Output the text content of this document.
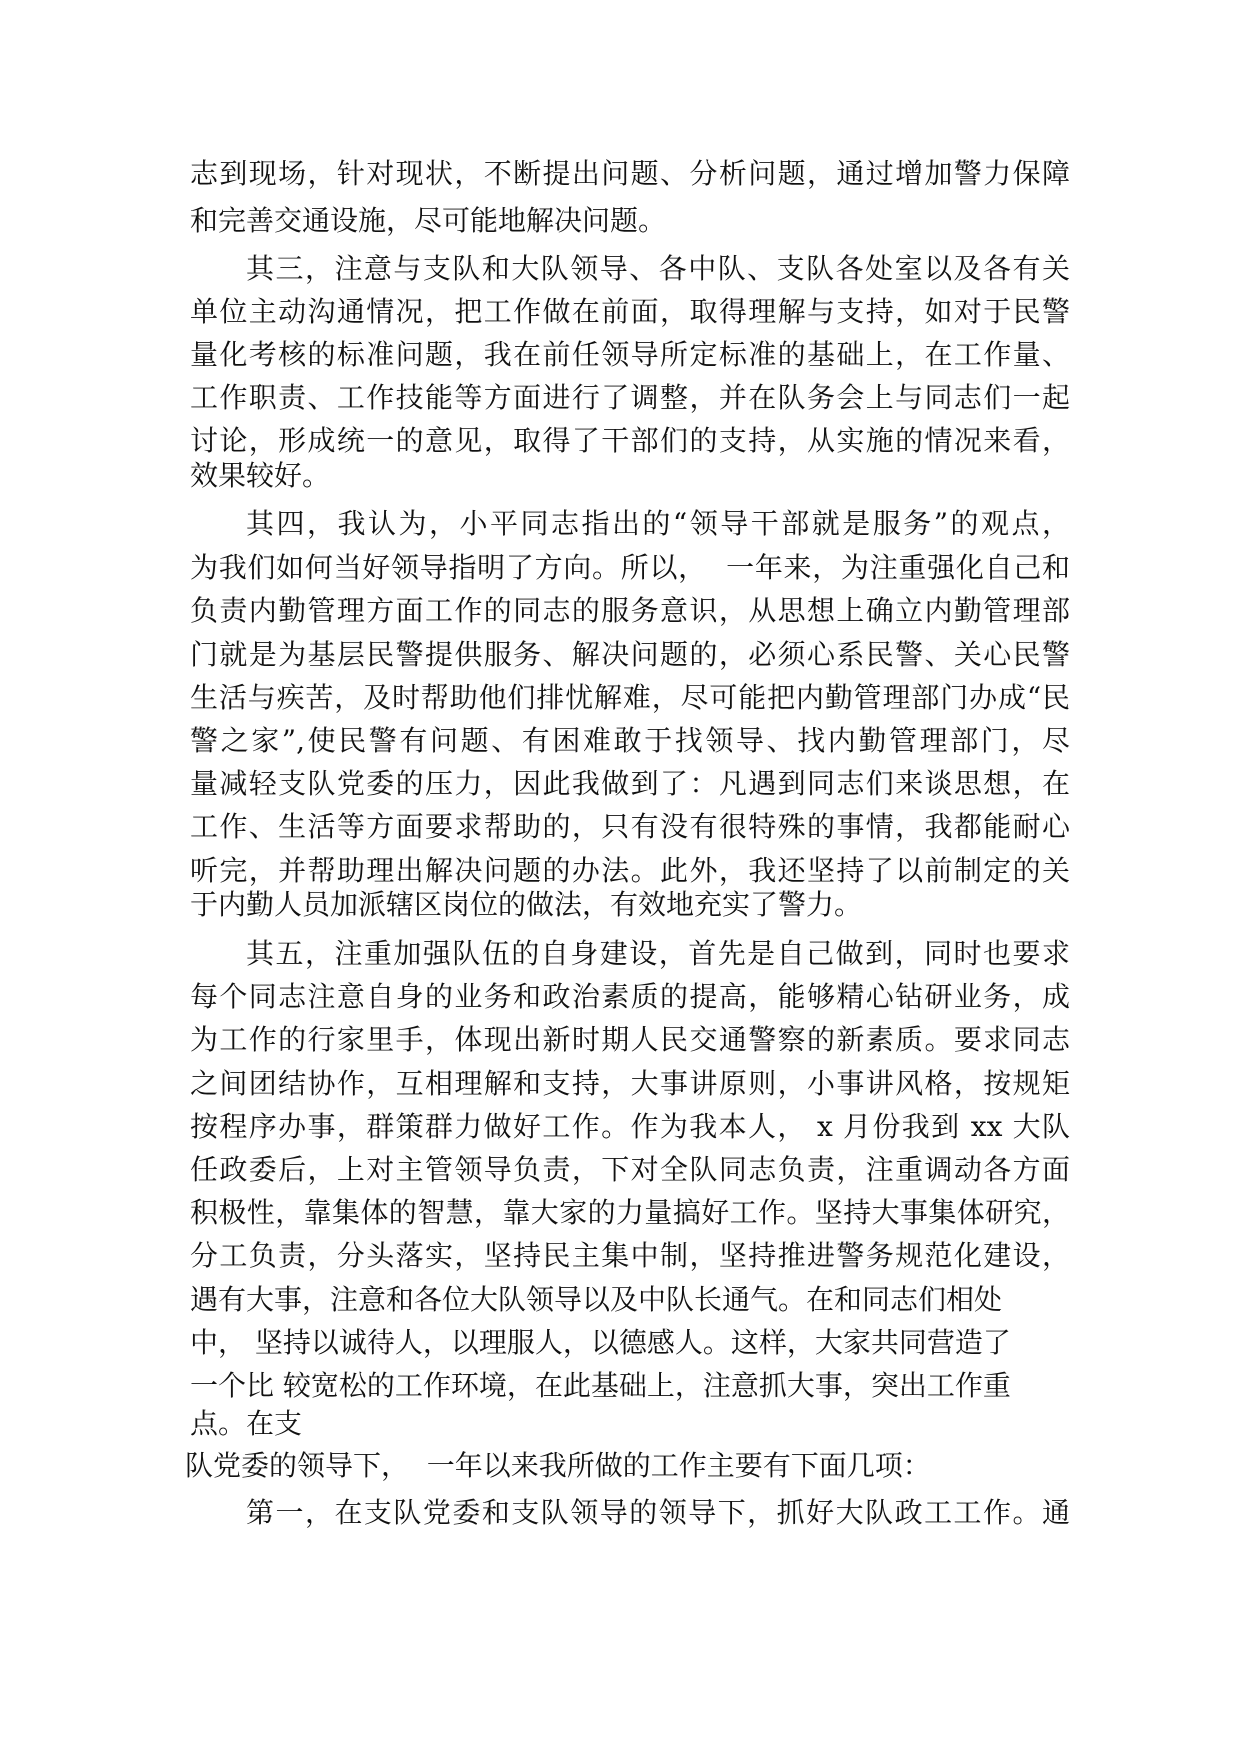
志到现场，针对现状，不断提出问题、分析问题，通过增加警力保障

和完善交通设施，尽可能地解决问题。

其三，注意与支队和大队领导、各中队、支队各处室以及各有关

单位主动沟通情况，把工作做在前面，取得理解与支持，如对于民警

量化考核的标准问题，我在前任领导所定标准的基础上，在工作量、

工作职责、工作技能等方面进行了调整，并在队务会上与同志们一起

讨论，形成统一的意见，取得了干部们的支持，从实施的情况来看，

效果较好。

其四，我认为，小平同志指出的“领导干部就是服务”的观点，

为我们如何当好领导指明了方向。所以，  一年来，为注重强化自己和

负责内勤管理方面工作的同志的服务意识，从思想上确立内勤管理部

门就是为基层民警提供服务、解决问题的，必须心系民警、关心民警

生活与疾苦，及时帮助他们排忧解难，尽可能把内勤管理部门办成“民

警之家”,使民警有问题、有困难敢于找领导、找内勤管理部门，尽

量减轻支队党委的压力，因此我做到了：凡遇到同志们来谈思想，在

工作、生活等方面要求帮助的，只有没有很特殊的事情，我都能耐心

听完，并帮助理出解决问题的办法。此外，我还坚持了以前制定的关

于内勤人员加派辖区岗位的做法，有效地充实了警力。

其五，注重加强队伍的自身建设，首先是自己做到，同时也要求

每个同志注意自身的业务和政治素质的提高，能够精心钻研业务，成

为工作的行家里手，体现出新时期人民交通警察的新素质。要求同志

之间团结协作，互相理解和支持，大事讲原则，小事讲风格，按规矩

按程序办事，群策群力做好工作。作为我本人， x 月份我到 xx 大队

任政委后，上对主管领导负责，下对全队同志负责，注重调动各方面

积极性，靠集体的智慧，靠大家的力量搞好工作。坚持大事集体研究，

分工负责，分头落实，坚持民主集中制，坚持推进警务规范化建设，

遇有大事，注意和各位大队领导以及中队长通气。在和同志们相处

中， 坚持以诚待人，以理服人，以德感人。这样，大家共同营造了

一个比 较宽松的工作环境，在此基础上，注意抓大事，突出工作重

点。在支

队党委的领导下，  一年以来我所做的工作主要有下面几项：

第一，在支队党委和支队领导的领导下，抓好大队政工工作。通
